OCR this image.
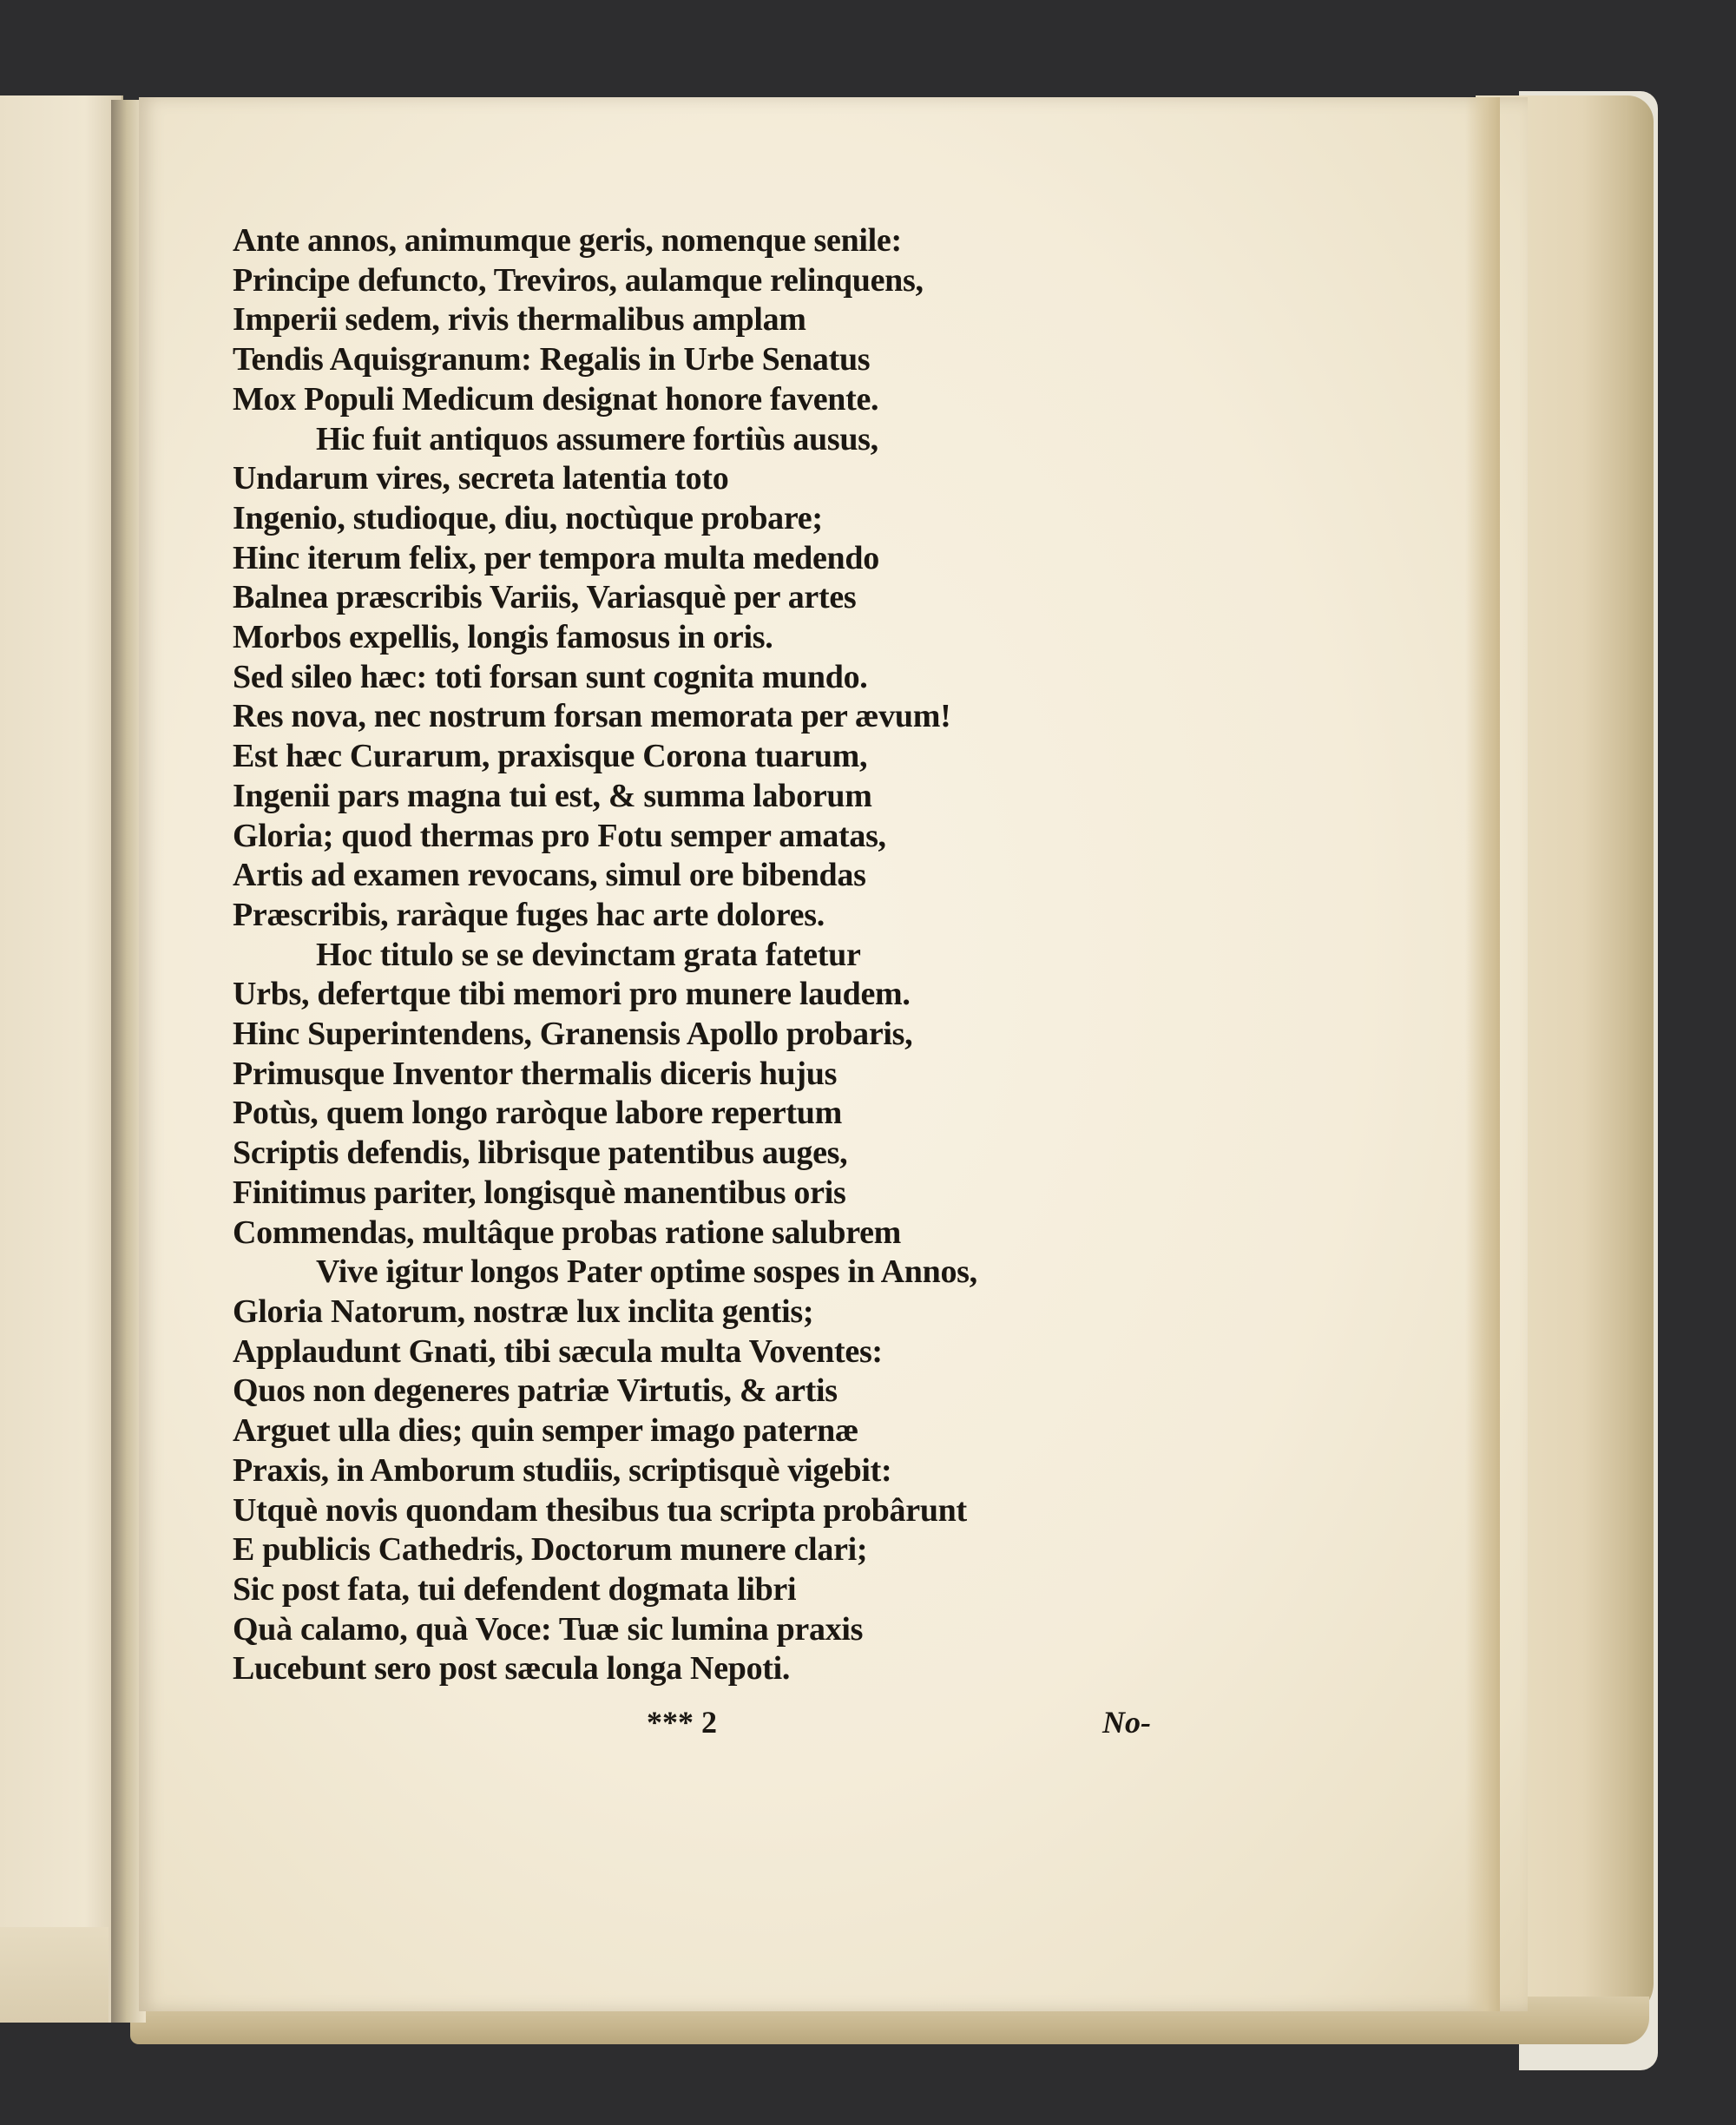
Ante annos, animumque geris, nomenque senile:
Principe defuncto, Treviros, aulamque relinquens,
Imperii sedem, rivis thermalibus amplam
Tendis Aquisgranum: Regalis in Urbe Senatus
Mox Populi Medicum designat honore favente.
Hic fuit antiquos assumere fortiùs ausus,
Undarum vires, secreta latentia toto
Ingenio, studioque, diu, noctùque probare;
Hinc iterum felix, per tempora multa medendo
Balnea præscribis Variis, Variasquè per artes
Morbos expellis, longis famosus in oris.
Sed sileo hæc: toti forsan sunt cognita mundo.
Res nova, nec nostrum forsan memorata per ævum!
Est hæc Curarum, praxisque Corona tuarum,
Ingenii pars magna tui est, & summa laborum
Gloria; quod thermas pro Fotu semper amatas,
Artis ad examen revocans, simul ore bibendas
Præscribis, raràque fuges hac arte dolores.
Hoc titulo se se devinctam grata fatetur
Urbs, defertque tibi memori pro munere laudem.
Hinc Superintendens, Granensis Apollo probaris,
Primusque Inventor thermalis diceris hujus
Potùs, quem longo raròque labore repertum
Scriptis defendis, librisque patentibus auges,
Finitimus pariter, longisquè manentibus oris
Commendas, multâque probas ratione salubrem
Vive igitur longos Pater optime sospes in Annos,
Gloria Natorum, nostræ lux inclita gentis;
Applaudunt Gnati, tibi sæcula multa Voventes:
Quos non degeneres patriæ Virtutis, & artis
Arguet ulla dies; quin semper imago paternæ
Praxis, in Amborum studiis, scriptisquè vigebit:
Utquè novis quondam thesibus tua scripta probârunt
E publicis Cathedris, Doctorum munere clari;
Sic post fata, tui defendent dogmata libri
Quà calamo, quà Voce: Tuæ sic lumina praxis
Lucebunt sero post sæcula longa Nepoti.
*** 2	No-
